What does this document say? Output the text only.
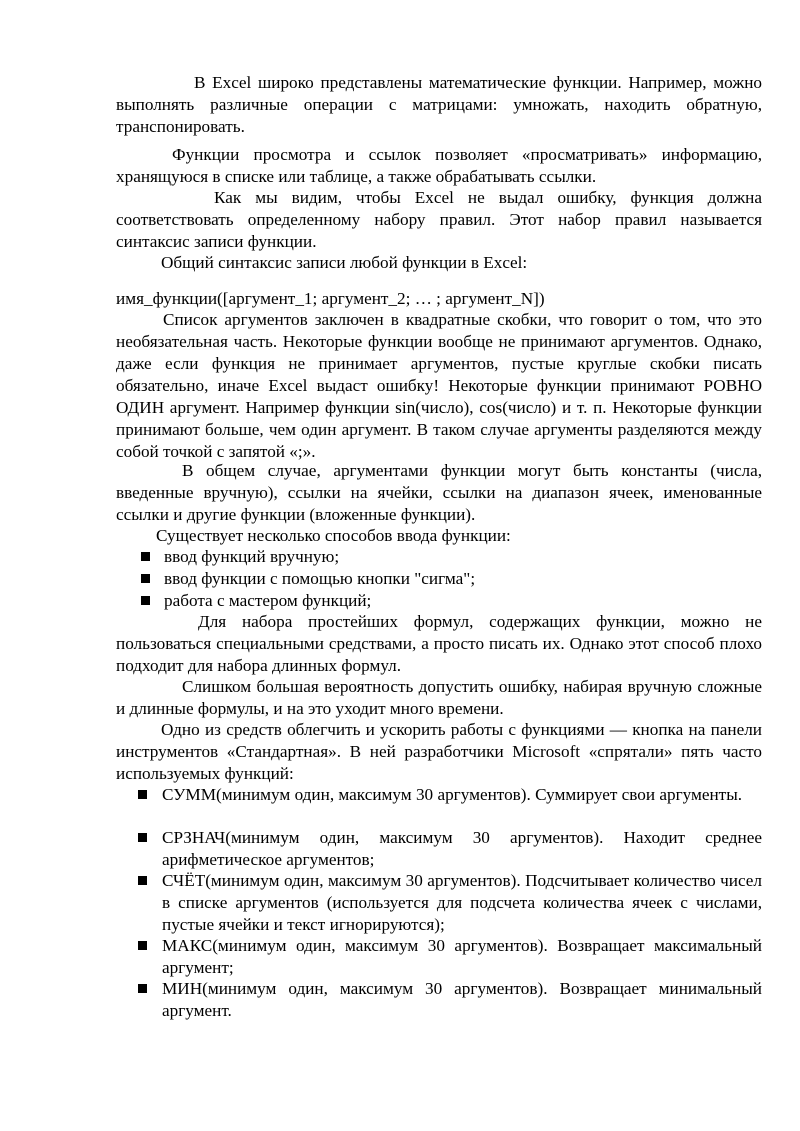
В Excel широко представлены математические функции. Например, можно выполнять различные операции с матрицами: умножать, находить обратную, транспонировать.

Функции просмотра и ссылок позволяет «просматривать» информацию, хранящуюся в списке или таблице, а также обрабатывать ссылки.

Как мы видим, чтобы Excel не выдал ошибку, функция должна соответствовать определенному набору правил. Этот набор правил называется синтаксис записи функции.

Общий синтаксис записи любой функции в Excel:

имя_функции([аргумент_1; аргумент_2; … ; аргумент_N])

Список аргументов заключен в квадратные скобки, что говорит о том, что это необязательная часть. Некоторые функции вообще не принимают аргументов. Однако, даже если функция не принимает аргументов, пустые круглые скобки писать обязательно, иначе Excel выдаст ошибку! Некоторые функции принимают РОВНО ОДИН аргумент. Например функции sin(число), cos(число) и т. п. Некоторые функции принимают больше, чем один аргумент. В таком случае аргументы разделяются между собой точкой с запятой «;».

В общем случае, аргументами функции могут быть константы (числа, введенные вручную), ссылки на ячейки, ссылки на диапазон ячеек, именованные ссылки и другие функции (вложенные функции).

Существует несколько способов ввода функции:

ввод функций вручную;

ввод функции с помощью кнопки "сигма";

работа с мастером функций;

Для набора простейших формул, содержащих функции, можно не пользоваться специальными средствами, а просто писать их. Однако этот способ плохо подходит для набора длинных формул.

Слишком большая вероятность допустить ошибку, набирая вручную сложные и длинные формулы, и на это уходит много времени.

Одно из средств облегчить и ускорить работы с функциями — кнопка на панели инструментов «Стандартная». В ней разработчики Microsoft «спрятали» пять часто используемых функций:

СУММ(минимум один, максимум 30 аргументов). Суммирует свои аргументы.

СРЗНАЧ(минимум один, максимум 30 аргументов). Находит среднее арифметическое аргументов;

СЧЁТ(минимум один, максимум 30 аргументов). Подсчитывает количество чисел в списке аргументов (используется для подсчета количества ячеек с числами, пустые ячейки и текст игнорируются);

МАКС(минимум один, максимум 30 аргументов). Возвращает максимальный аргумент;

МИН(минимум один, максимум 30 аргументов). Возвращает минимальный аргумент.
